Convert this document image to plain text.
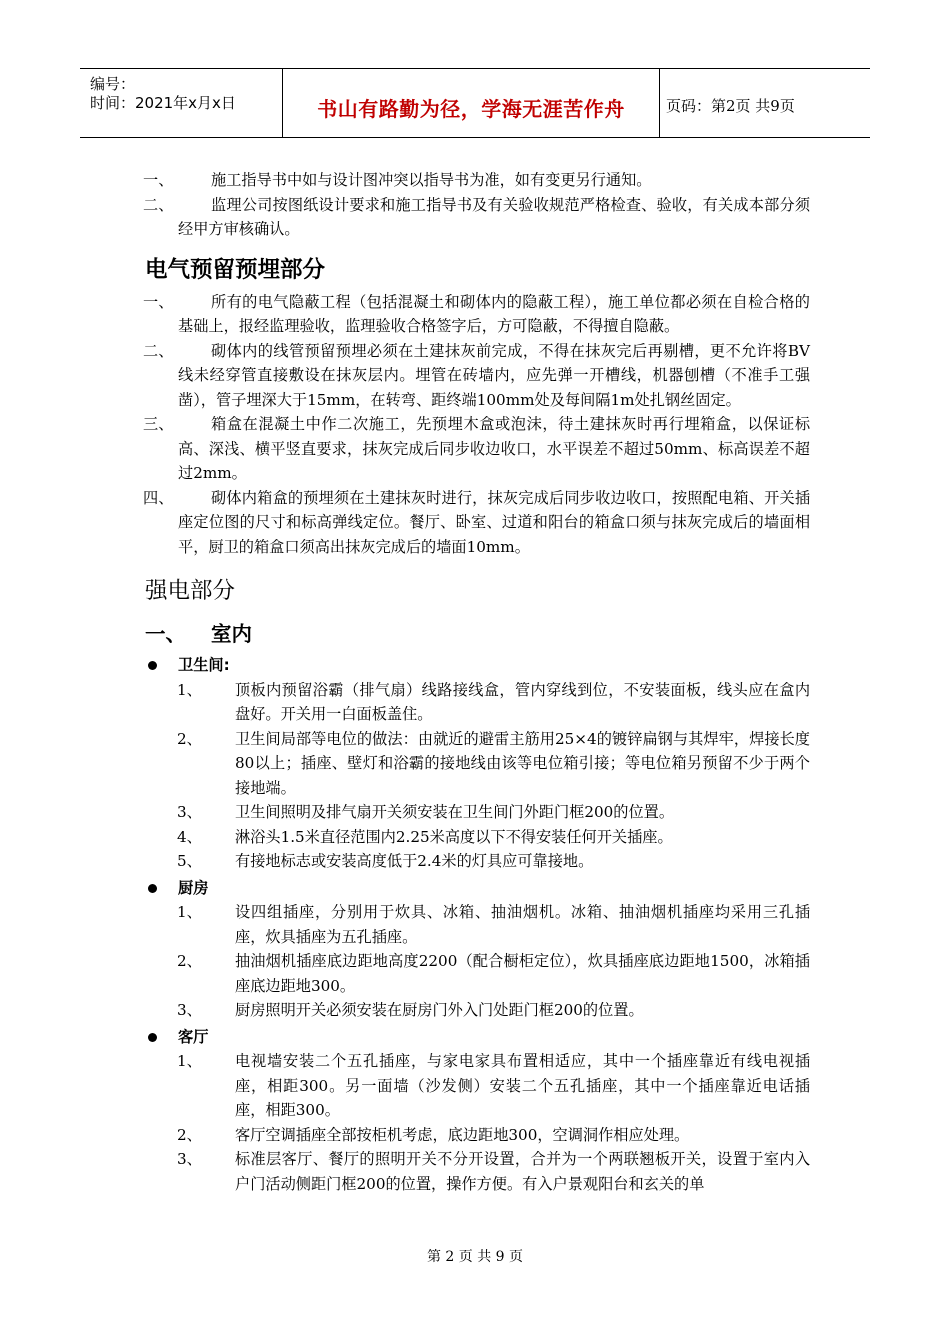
编号：
时间：2021年x月x日	书山有路勤为径，学海无涯苦作舟	页码：第2页 共9页
一、	施工指导书中如与设计图冲突以指导书为准，如有变更另行通知。
二、	监理公司按图纸设计要求和施工指导书及有关验收规范严格检查、验收，有关成本部分须经甲方审核确认。
电气预留预埋部分
一、	所有的电气隐蔽工程（包括混凝土和砌体内的隐蔽工程），施工单位都必须在自检合格的基础上，报经监理验收，监理验收合格签字后，方可隐蔽，不得擅自隐蔽。
二、	砌体内的线管预留预埋必须在土建抹灰前完成，不得在抹灰完后再剔槽，更不允许将BV线未经穿管直接敷设在抹灰层内。埋管在砖墙内，应先弹一开槽线，机器刨槽（不准手工强凿），管子埋深大于15mm，在转弯、距终端100mm处及每间隔1m处扎钢丝固定。
三、	箱盒在混凝土中作二次施工，先预埋木盒或泡沫，待土建抹灰时再行埋箱盒，以保证标高、深浅、横平竖直要求，抹灰完成后同步收边收口，水平误差不超过50mm、标高误差不超过2mm。
四、	砌体内箱盒的预埋须在土建抹灰时进行，抹灰完成后同步收边收口，按照配电箱、开关插座定位图的尺寸和标高弹线定位。餐厅、卧室、过道和阳台的箱盒口须与抹灰完成后的墙面相平，厨卫的箱盒口须高出抹灰完成后的墙面10mm。
强电部分
一、 室内
卫生间:
1、 顶板内预留浴霸（排气扇）线路接线盒，管内穿线到位，不安装面板，线头应在盒内盘好。开关用一白面板盖住。
2、 卫生间局部等电位的做法：由就近的避雷主筋用25×4的镀锌扁钢与其焊牢，焊接长度80以上；插座、壁灯和浴霸的接地线由该等电位箱引接；等电位箱另预留不少于两个接地端。
3、 卫生间照明及排气扇开关须安装在卫生间门外距门框200的位置。
4、 淋浴头1.5米直径范围内2.25米高度以下不得安装任何开关插座。
5、 有接地标志或安装高度低于2.4米的灯具应可靠接地。
厨房
1、 设四组插座，分别用于炊具、冰箱、抽油烟机。冰箱、抽油烟机插座均采用三孔插座，炊具插座为五孔插座。
2、 抽油烟机插座底边距地高度2200（配合橱柜定位），炊具插座底边距地1500，冰箱插座底边距地300。
3、 厨房照明开关必须安装在厨房门外入门处距门框200的位置。
客厅
1、 电视墙安装二个五孔插座，与家电家具布置相适应，其中一个插座靠近有线电视插座，相距300。另一面墙（沙发侧）安装二个五孔插座，其中一个插座靠近电话插座，相距300。
2、 客厅空调插座全部按柜机考虑，底边距地300，空调洞作相应处理。
3、 标准层客厅、餐厅的照明开关不分开设置，合并为一个两联翘板开关，设置于室内入户门活动侧距门框200的位置，操作方便。有入户景观阳台和玄关的单
第 2 页 共 9 页
